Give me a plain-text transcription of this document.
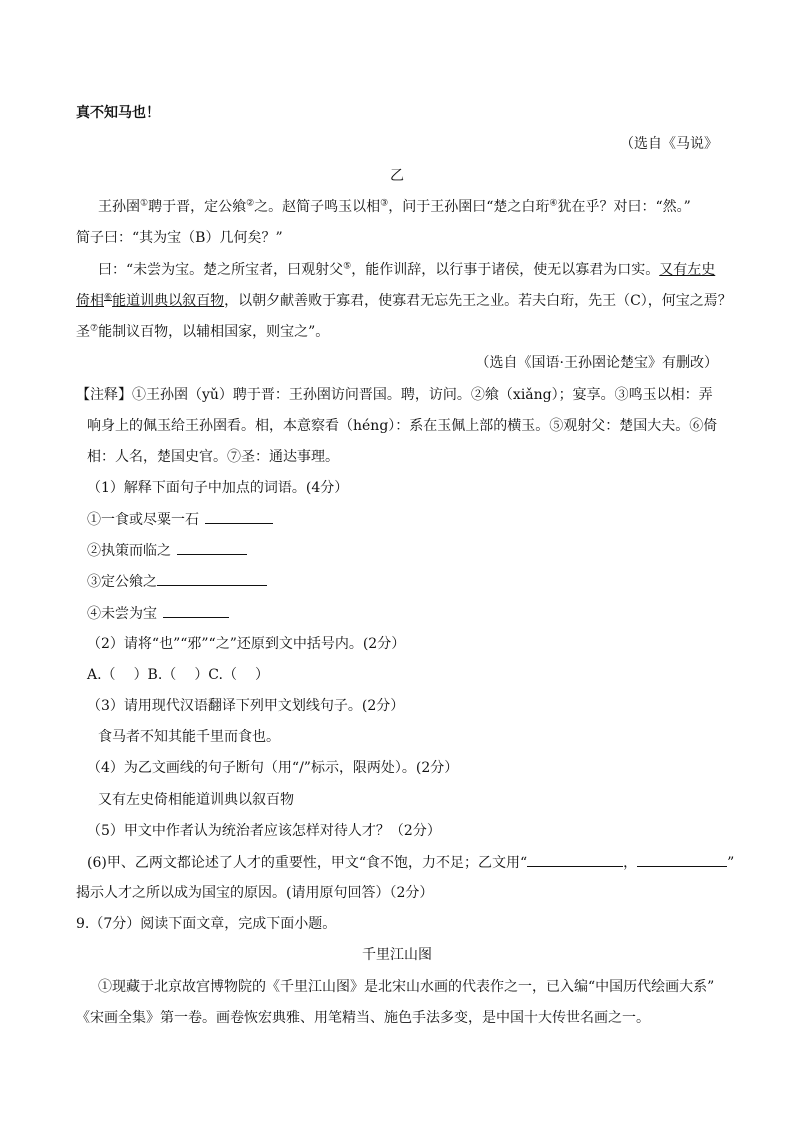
真不知马也！
（选自《马说》
乙
王孙圉①聘于晋，定公飨②之。赵简子鸣玉以相③，问于王孙圉曰“楚之白珩④犹在乎？对曰：“然。”
简子曰：“其为宝（B）几何矣？”
曰：“未尝为宝。楚之所宝者，曰观射父⑤，能作训辞，以行事于诸侯，使无以寡君为口实。又有左史
倚相⑥能道训典以叙百物，以朝夕献善败于寡君，使寡君无忘先王之业。若夫白珩，先王（C），何宝之焉？
圣⑦能制议百物，以辅相国家，则宝之”。
（选自《国语·王孙圉论楚宝》有删改）
【注释】①王孙圉（yǔ）聘于晋：王孙圉访问晋国。聘，访问。②飨（xiǎng）；宴享。③鸣玉以相：弄
响身上的佩玉给王孙圉看。相，本意察看（héng）：系在玉佩上部的横玉。⑤观射父：楚国大夫。⑥倚
相：人名，楚国史官。⑦圣：通达事理。
（1）解释下面句子中加点的词语。(4分）
①一食或尽粟一石
②执策而临之
③定公飨之
④未尝为宝
（2）请将“也”“邪”“之”还原到文中括号内。(2分）
A.（ ）B.（ ）C.（ ）
（3）请用现代汉语翻译下列甲文划线句子。(2分）
食马者不知其能千里而食也。
（4）为乙文画线的句子断句（用“/”标示，限两处）。(2分）
又有左史倚相能道训典以叙百物
（5）甲文中作者认为统治者应该怎样对待人才？（2分）
(6)甲、乙两文都论述了人才的重要性，甲文“食不饱，力不足；乙文用“	，	”
揭示人才之所以成为国宝的原因。(请用原句回答）（2分）
9.（7分）阅读下面文章，完成下面小题。
千里江山图
①现藏于北京故宫博物院的《千里江山图》是北宋山水画的代表作之一，已入编“中国历代绘画大系”
《宋画全集》第一卷。画卷恢宏典雅、用笔精当、施色手法多变，是中国十大传世名画之一。
